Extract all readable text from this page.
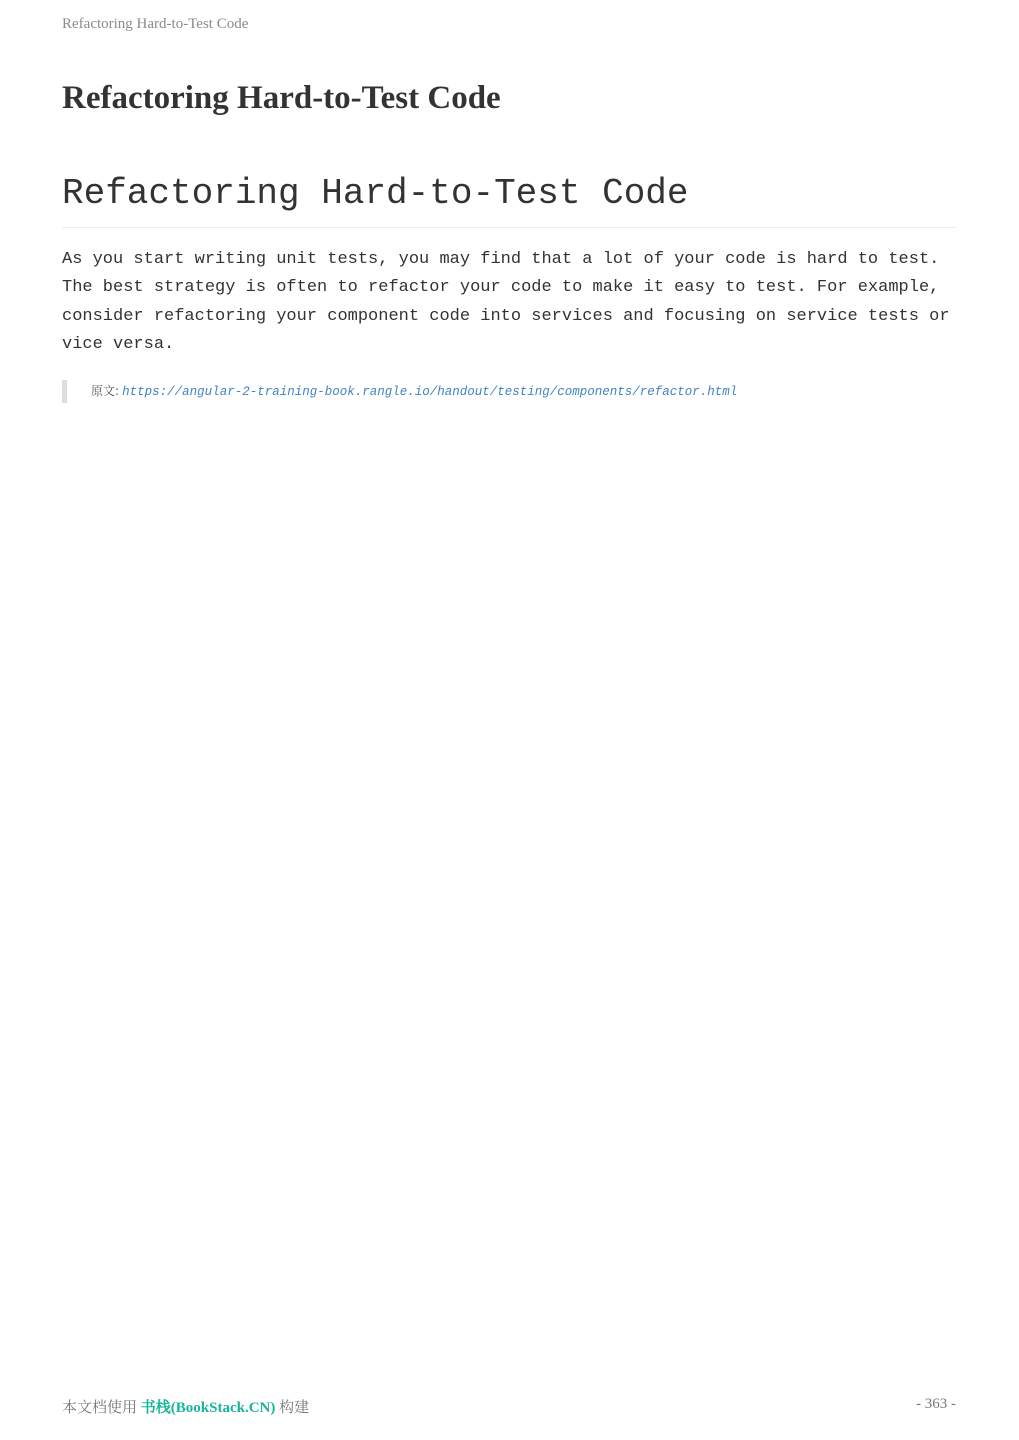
Refactoring Hard-to-Test Code
Refactoring Hard-to-Test Code
Refactoring Hard-to-Test Code

As you start writing unit tests, you may find that a lot of your code is hard to test. The best strategy is often to refactor your code to make it easy to test. For example, consider refactoring your component code into services and focusing on service tests or vice versa.

原文: https://angular-2-training-book.rangle.io/handout/testing/components/refactor.html
本文档使用 书栈(BookStack.CN) 构建	- 363 -
